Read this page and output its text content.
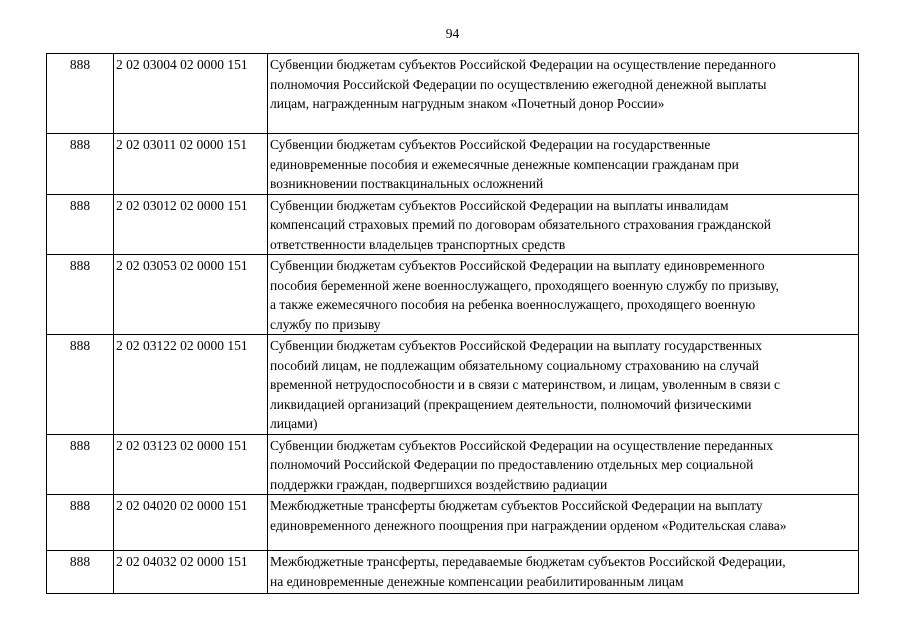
94
888	2 02 03004 02 0000 151	Субвенции бюджетам субъектов Российской Федерации на осуществление переданного
полномочия Российской Федерации по осуществлению ежегодной денежной выплаты
лицам, награжденным нагрудным знаком «Почетный донор России»

888	2 02 03011 02 0000 151	Субвенции бюджетам субъектов Российской Федерации на государственные
единовременные пособия и ежемесячные денежные компенсации гражданам при
возникновении поствакцинальных осложнений

888	2 02 03012 02 0000 151	Субвенции бюджетам субъектов Российской Федерации на выплаты инвалидам
компенсаций страховых премий по договорам обязательного страхования гражданской
ответственности владельцев транспортных средств

888	2 02 03053 02 0000 151	Субвенции бюджетам субъектов Российской Федерации на выплату единовременного
пособия беременной жене военнослужащего, проходящего военную службу по призыву,
а также ежемесячного пособия на ребенка военнослужащего, проходящего военную
службу по призыву

888	2 02 03122 02 0000 151	Субвенции бюджетам субъектов Российской Федерации на выплату государственных
пособий лицам, не подлежащим обязательному социальному страхованию на случай
временной нетрудоспособности и в связи с материнством, и лицам, уволенным в связи с
ликвидацией организаций (прекращением деятельности, полномочий физическими
лицами)

888	2 02 03123 02 0000 151	Субвенции бюджетам субъектов Российской Федерации на осуществление переданных
полномочий Российской Федерации по предоставлению отдельных мер социальной
поддержки граждан, подвергшихся воздействию радиации

888	2 02 04020 02 0000 151	Межбюджетные трансферты бюджетам субъектов Российской Федерации на выплату
единовременного денежного поощрения при награждении орденом «Родительская слава»

888	2 02 04032 02 0000 151	Межбюджетные трансферты, передаваемые бюджетам субъектов Российской Федерации,
на единовременные денежные компенсации реабилитированным лицам
